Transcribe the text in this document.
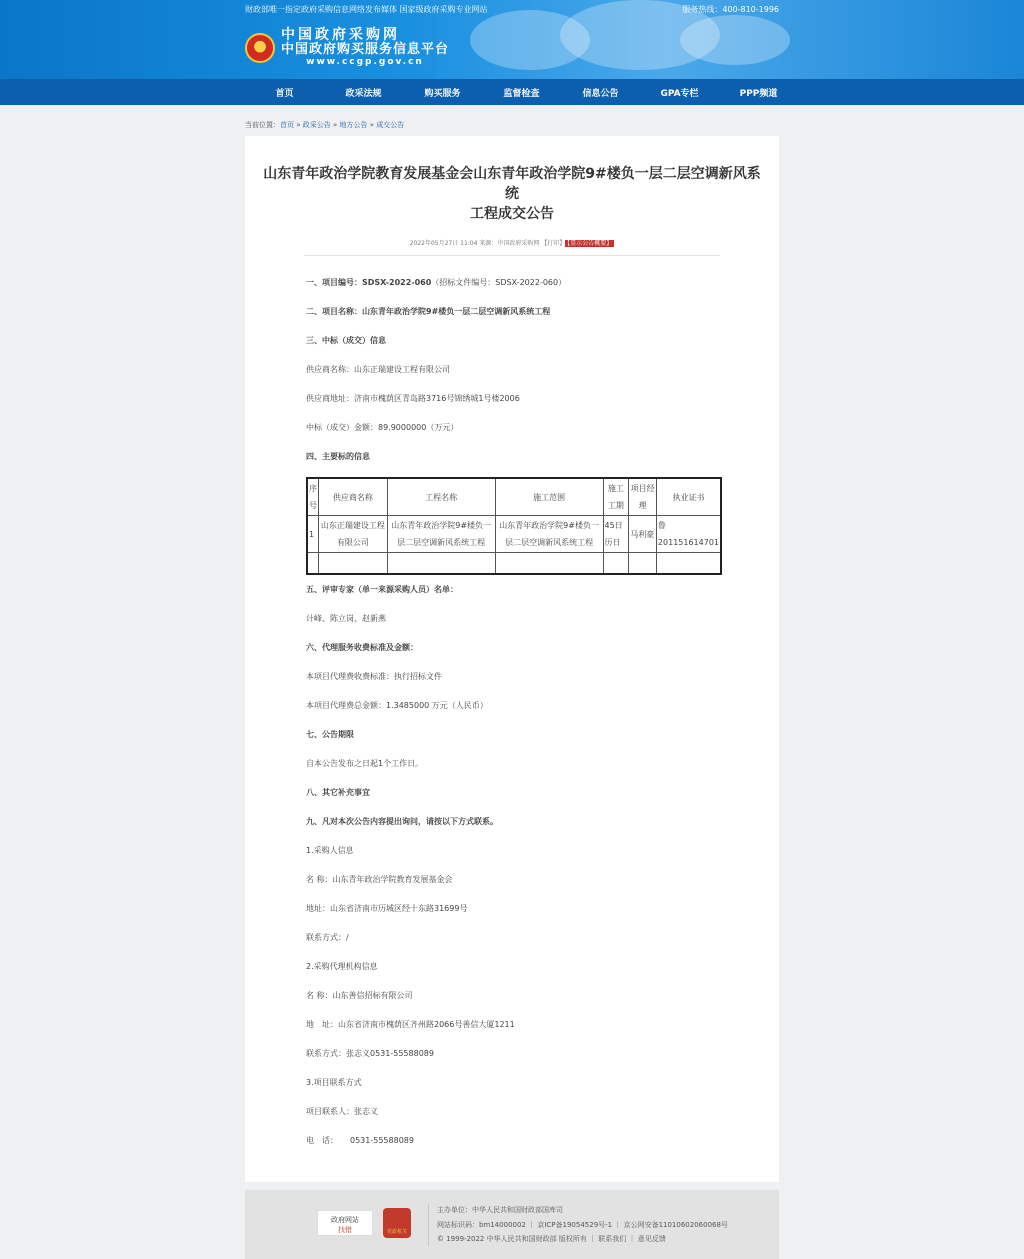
财政部唯一指定政府采购信息网络发布媒体 国家级政府采购专业网站	服务热线：400-810-1996
中国政府采购网
中国政府购买服务信息平台
www.ccgp.gov.cn
首页	政采法规	购买服务	监督检查	信息公告	GPA专栏	PPP频道
当前位置：首页 » 政采公告 » 地方公告 » 成交公告
山东青年政治学院教育发展基金会山东青年政治学院9#楼负一层二层空调新风系统
工程成交公告
2022年05月27日 11:04 来源：中国政府采购网 【打印】 【显示公告概要】
一、项目编号：SDSX-2022-060（招标文件编号：SDSX-2022-060）
二、项目名称：山东青年政治学院9#楼负一层二层空调新风系统工程
三、中标（成交）信息
供应商名称：山东正瑞建设工程有限公司
供应商地址：济南市槐荫区青岛路3716号锦绣城1号楼2006
中标（成交）金额：89.9000000（万元）
四、主要标的信息
序号	供应商名称	工程名称	施工范围	施工工期	项目经理	执业证书
1	山东正瑞建设工程有限公司	山东青年政治学院9#楼负一层二层空调新风系统工程	山东青年政治学院9#楼负一层二层空调新风系统工程	45日历日	马利豪	鲁201151614701

五、评审专家（单一来源采购人员）名单：
计峰、陈立岗、赵新燕
六、代理服务收费标准及金额：
本项目代理费收费标准：执行招标文件
本项目代理费总金额：1.3485000 万元（人民币）
七、公告期限
自本公告发布之日起1个工作日。
八、其它补充事宜
九、凡对本次公告内容提出询问，请按以下方式联系。
1.采购人信息
名 称：山东青年政治学院教育发展基金会
地址：山东省济南市历城区经十东路31699号
联系方式：/
2.采购代理机构信息
名 称：山东善信招标有限公司
地　址：山东省济南市槐荫区齐州路2066号善信大厦1211
联系方式：张志义0531-55588089
3.项目联系方式
项目联系人：张志义
电　话：　　0531-55588089
政府网站
找错	党政机关
主办单位：中华人民共和国财政部国库司
网站标识码：bm14000002 ｜ 京ICP备19054529号-1 ｜ 京公网安备11010602060068号
© 1999-2022 中华人民共和国财政部 版权所有 ｜ 联系我们 ｜ 意见反馈
